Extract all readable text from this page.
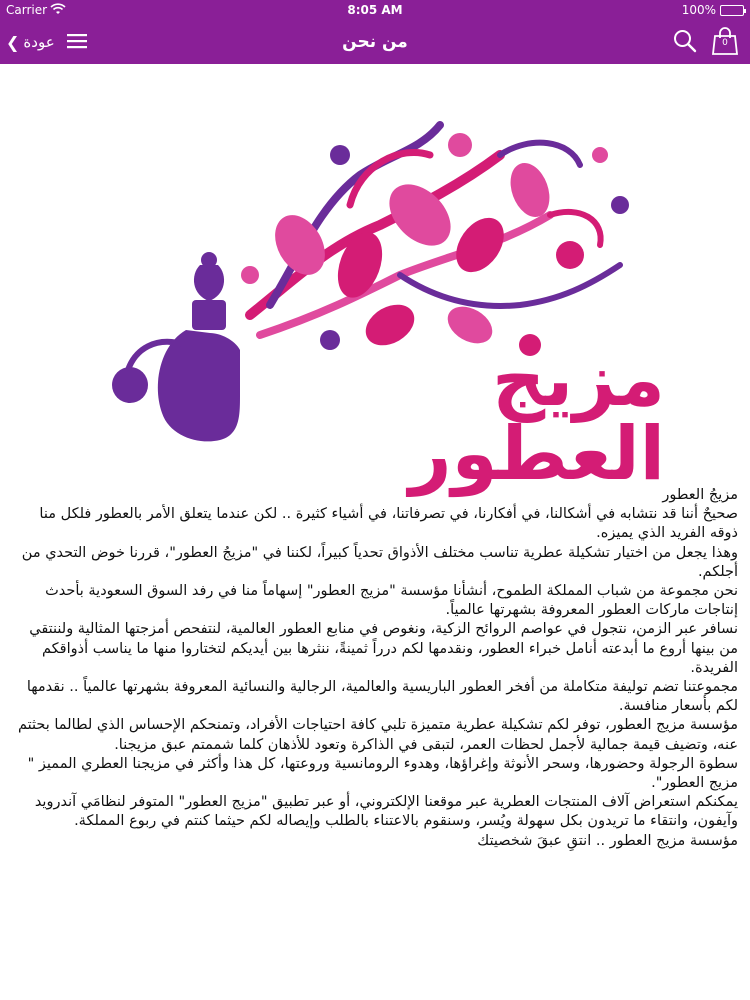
Carrier	8:05 AM	100%
❮ عودة	من نحن	0
مزيج العطور

مزيجُ العطور

صحيحٌ أننا قد نتشابه في أشكالنا، في أفكارنا، في تصرفاتنا، في أشياء كثيرة .. لكن عندما يتعلق الأمر بالعطور فلكل منا ذوقه الفريد الذي يميزه.

وهذا يجعل من اختيار تشكيلة عطرية تناسب مختلف الأذواق تحدياً كبيراً، لكننا في "مزيجُ العطور"، قررنا خوض التحدي من أجلكم.

نحن مجموعة من شباب المملكة الطموح، أنشأنا مؤسسة "مزيج العطور" إسهاماً منا في رفد السوق السعودية بأحدث إنتاجات ماركات العطور المعروفة بشهرتها عالمياً.

نسافر عبر الزمن، نتجول في عواصم الروائح الزكية، ونغوص في منابع العطور العالمية، لنتفحص أمزجتها المثالية ولننتقي من بينها أروع ما أبدعته أنامل خبراء العطور، ونقدمها لكم درراً ثمينةً، ننثرها بين أيديكم لتختاروا منها ما يناسب أذواقكم الفريدة.

مجموعتنا تضم توليفة متكاملة من أفخر العطور الباريسية والعالمية، الرجالية والنسائية المعروفة بشهرتها عالمياً .. نقدمها لكم بأسعار منافسة.

مؤسسة مزيج العطور، توفر لكم تشكيلة عطرية متميزة تلبي كافة احتياجات الأفراد، وتمنحكم الإحساس الذي لطالما بحثتم عنه، وتضيف قيمة جمالية لأجمل لحظات العمر، لتبقى في الذاكرة وتعود للأذهان كلما شممتم عبق مزيجنا.

سطوة الرجولة وحضورها، وسحر الأنوثة وإغراؤها، وهدوء الرومانسية وروعتها، كل هذا وأكثر في مزيجنا العطري المميز " مزيج العطور".

يمكنكم استعراض آلاف المنتجات العطرية عبر موقعنا الإلكتروني، أو عبر تطبيق "مزيج العطور" المتوفر لنظامَي آندرويد وآيفون، وانتقاء ما تريدون بكل سهولة ويُسر، وسنقوم بالاعتناء بالطلب وإيصاله لكم حيثما كنتم في ربوع المملكة.

مؤسسة مزيج العطور .. انتقِ عبقَ شخصيتك
